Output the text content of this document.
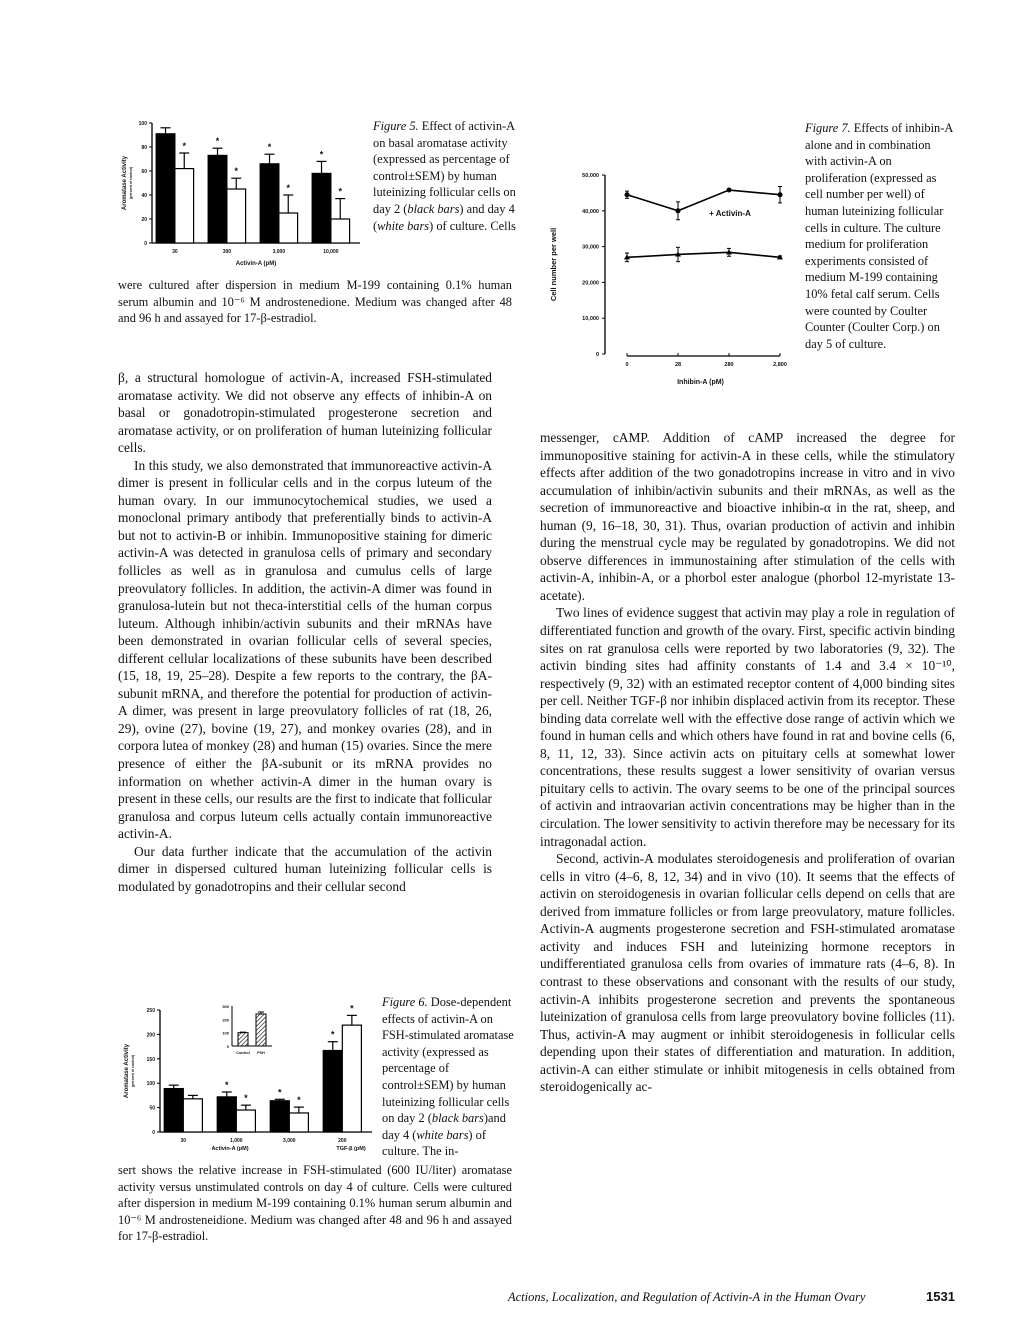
0
20
40
60
80
100
*
30
*
*
300
*
*
3,000
*
*
10,000
Aromatase Activity (percent of control)
Activin-A (pM)
Figure 5. Effect of activin-A on basal aromatase activity (expressed as percentage of control±SEM) by human luteinizing follicular cells on day 2 (black bars) and day 4 (white bars) of culture. Cells
were cultured after dispersion in medium M-199 containing 0.1% human serum albumin and 10⁻⁶ M androstenedione. Medium was changed after 48 and 96 h and assayed for 17-β-estradiol.
0
10,000
20,000
30,000
40,000
50,000
0	28	280	2,800
+ Activin-A
Inhibin-A (pM)
Cell number per well
Figure 7. Effects of inhibin-A alone and in combination with activin-A on proliferation (expressed as cell number per well) of human luteinizing follicular cells in culture. The culture medium for proliferation experiments consisted of medium M-199 containing 10% fetal calf serum. Cells were counted by Coulter Counter (Coulter Corp.) on day 5 of culture.

β, a structural homologue of activin-A, increased FSH-stimulated aromatase activity. We did not observe any effects of inhibin-A on basal or gonadotropin-stimulated progesterone secretion and aromatase activity, or on proliferation of human luteinizing follicular cells.

In this study, we also demonstrated that immunoreactive activin-A dimer is present in follicular cells and in the corpus luteum of the human ovary. In our immunocytochemical studies, we used a monoclonal primary antibody that preferentially binds to activin-A but not to activin-B or inhibin. Immunopositive staining for dimeric activin-A was detected in granulosa cells of primary and secondary follicles as well as in granulosa and cumulus cells of large preovulatory follicles. In addition, the activin-A dimer was found in granulosa-lutein but not theca-interstitial cells of the human corpus luteum. Although inhibin/activin subunits and their mRNAs have been demonstrated in ovarian follicular cells of several species, different cellular localizations of these subunits have been described (15, 18, 19, 25–28). Despite a few reports to the contrary, the βA-subunit mRNA, and therefore the potential for production of activin-A dimer, was present in large preovulatory follicles of rat (18, 26, 29), ovine (27), bovine (19, 27), and monkey ovaries (28), and in corpora lutea of monkey (28) and human (15) ovaries. Since the mere presence of either the βA-subunit or its mRNA provides no information on whether activin-A dimer in the human ovary is present in these cells, our results are the first to indicate that follicular granulosa and corpus luteum cells actually contain immunoreactive activin-A.

Our data further indicate that the accumulation of the activin dimer in dispersed cultured human luteinizing follicular cells is modulated by gonadotropins and their cellular second

0
50
100
150
200
250
30
*
*
1,000
*
*
3,000
*
*
200
Aromatase Activity (percent of control)
Activin-A (pM)	TGF-β (pM)
0
100
200
300
Control FSH
Figure 6. Dose-dependent effects of activin-A on FSH-stimulated aromatase activity (expressed as percentage of control±SEM) by human luteinizing follicular cells on day 2 (black bars)and day 4 (white bars) of culture. The in-
sert shows the relative increase in FSH-stimulated (600 IU/liter) aromatase activity versus unstimulated controls on day 4 of culture. Cells were cultured after dispersion in medium M-199 containing 0.1% human serum albumin and 10⁻⁶ M androsteneidione. Medium was changed after 48 and 96 h and assayed for 17-β-estradiol.

messenger, cAMP. Addition of cAMP increased the degree for immunopositive staining for activin-A in these cells, while the stimulatory effects after addition of the two gonadotropins increase in vitro and in vivo accumulation of inhibin/activin subunits and their mRNAs, as well as the secretion of immunoreactive and bioactive inhibin-α in the rat, sheep, and human (9, 16–18, 30, 31). Thus, ovarian production of activin and inhibin during the menstrual cycle may be regulated by gonadotropins. We did not observe differences in immunostaining after stimulation of the cells with activin-A, inhibin-A, or a phorbol ester analogue (phorbol 12-myristate 13-acetate).

Two lines of evidence suggest that activin may play a role in regulation of differentiated function and growth of the ovary. First, specific activin binding sites on rat granulosa cells were reported by two laboratories (9, 32). The activin binding sites had affinity constants of 1.4 and 3.4 × 10⁻¹⁰, respectively (9, 32) with an estimated receptor content of 4,000 binding sites per cell. Neither TGF-β nor inhibin displaced activin from its receptor. These binding data correlate well with the effective dose range of activin which we found in human cells and which others have found in rat and bovine cells (6, 8, 11, 12, 33). Since activin acts on pituitary cells at somewhat lower concentrations, these results suggest a lower sensitivity of ovarian versus pituitary cells to activin. The ovary seems to be one of the principal sources of activin and intraovarian activin concentrations may be higher than in the circulation. The lower sensitivity to activin therefore may be necessary for its intragonadal action.

Second, activin-A modulates steroidogenesis and proliferation of ovarian cells in vitro (4–6, 8, 12, 34) and in vivo (10). It seems that the effects of activin on steroidogenesis in ovarian follicular cells depend on cells that are derived from immature follicles or from large preovulatory, mature follicles. Activin-A augments progesterone secretion and FSH-stimulated aromatase activity and induces FSH and luteinizing hormone receptors in undifferentiated granulosa cells from ovaries of immature rats (4–6, 8). In contrast to these observations and consonant with the results of our study, activin-A inhibits progesterone secretion and prevents the spontaneous luteinization of granulosa cells from large preovulatory bovine follicles (11). Thus, activin-A may augment or inhibit steroidogenesis in follicular cells depending upon their states of differentiation and maturation. In addition, activin-A can either stimulate or inhibit mitogenesis in cells obtained from steroidogenically ac-

Actions, Localization, and Regulation of Activin-A in the Human Ovary	1531
